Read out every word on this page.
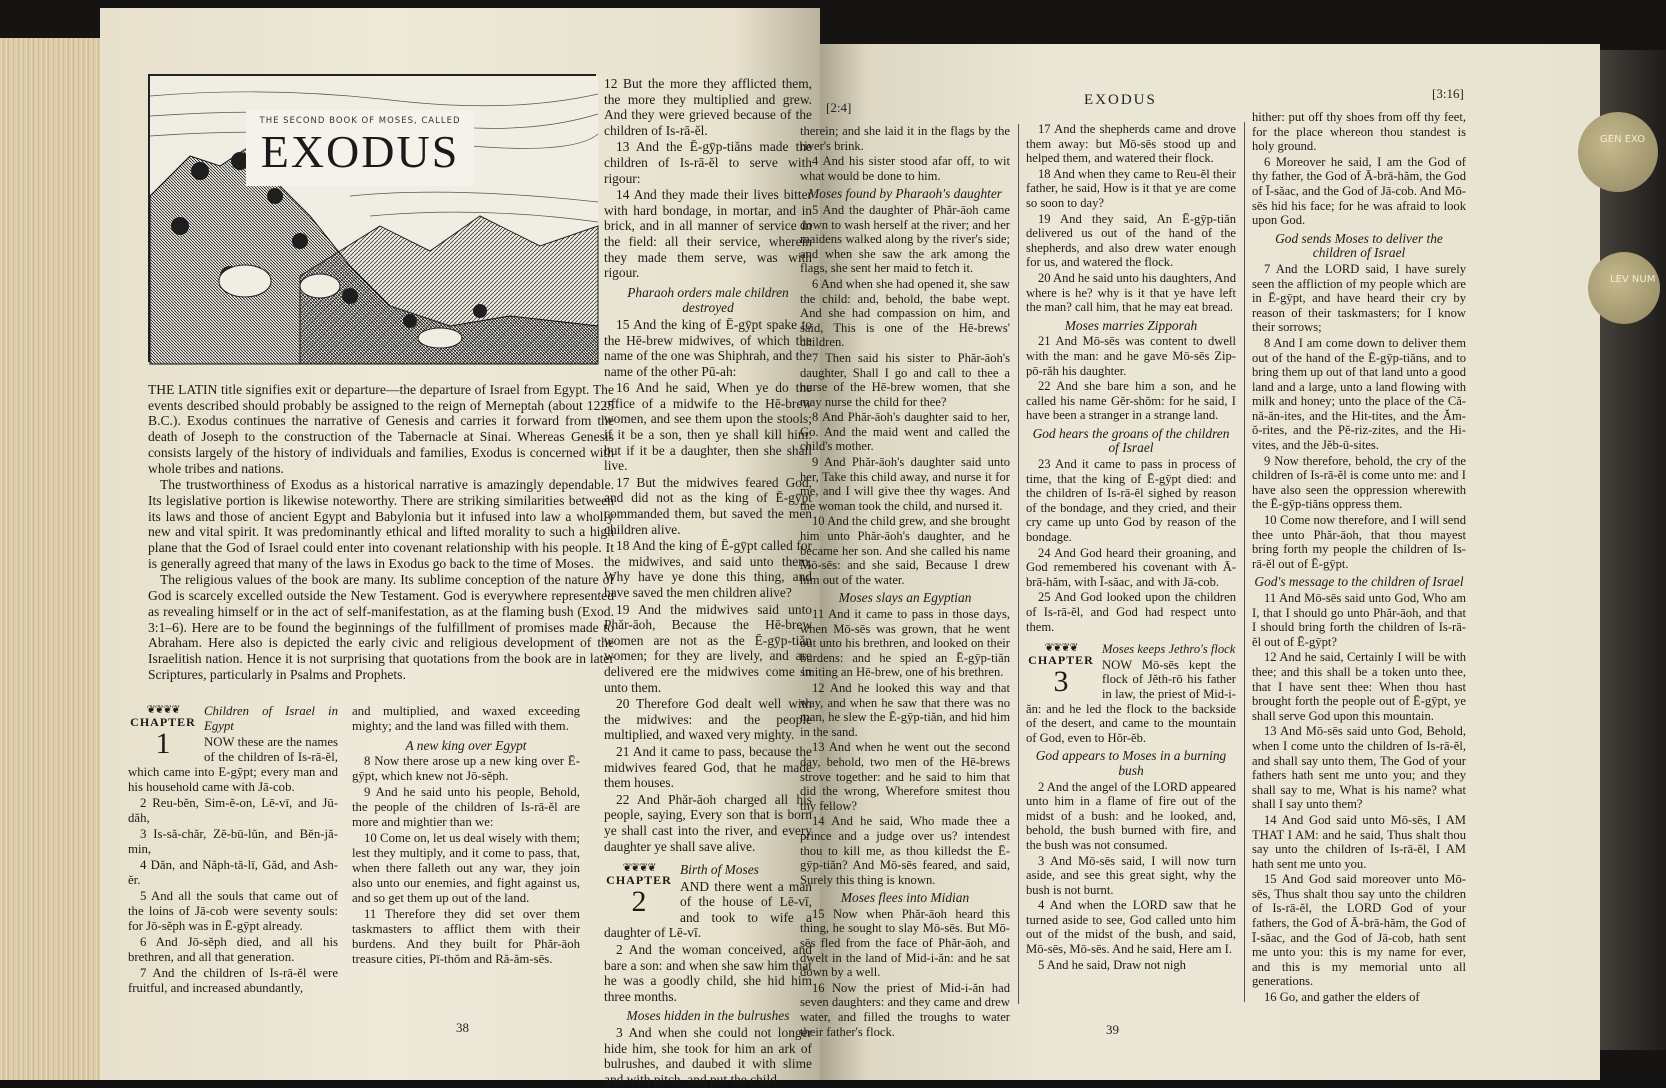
THE SECOND BOOK OF MOSES, CALLED
EXODUS

12 But the more they afflicted them, the more they multiplied and grew. And they were grieved because of the children of Is-rā-ĕl.

13 And the Ē-gȳp-tiăns made the children of Is-rā-ĕl to serve with rigour:

14 And they made their lives bitter with hard bondage, in mortar, and in brick, and in all manner of service in the field: all their service, wherein they made them serve, was with rigour.

Pharaoh orders male children destroyed

15 And the king of Ē-gȳpt spake to the Hē-brew midwives, of which the name of the one was Shiphrah, and the name of the other Pū-ah:

16 And he said, When ye do the office of a midwife to the Hē-brew women, and see them upon the stools; if it be a son, then ye shall kill him: but if it be a daughter, then she shall live.

17 But the midwives feared God, and did not as the king of Ē-gȳpt commanded them, but saved the men children alive.

18 And the king of Ē-gȳpt called for the midwives, and said unto them, Why have ye done this thing, and have saved the men children alive?

19 And the midwives said unto Phăr-āoh, Because the Hē-brew women are not as the Ē-gȳp-tiăn women; for they are lively, and are delivered ere the midwives come in unto them.

20 Therefore God dealt well with the midwives: and the people multiplied, and waxed very mighty.

21 And it came to pass, because the midwives feared God, that he made them houses.

22 And Phăr-āoh charged all his people, saying, Every son that is born ye shall cast into the river, and every daughter ye shall save alive.

❦❦❦❦
CHAPTER
2

Birth of Moses

AND there went a man of the house of Lē-vī, and took to wife a daughter of Lē-vī.

2 And the woman conceived, and bare a son: and when she saw him that he was a goodly child, she hid him three months.

Moses hidden in the bulrushes

3 And when she could not longer hide him, she took for him an ark of bulrushes, and daubed it with slime and with pitch, and put the child

THE LATIN title signifies exit or departure—the departure of Israel from Egypt. The events described should probably be assigned to the reign of Merneptah (about 1225 B.C.). Exodus continues the narrative of Genesis and carries it forward from the death of Joseph to the construction of the Tabernacle at Sinai. Whereas Genesis consists largely of the history of individuals and families, Exodus is concerned with whole tribes and nations.

The trustworthiness of Exodus as a historical narrative is amazingly dependable. Its legislative portion is likewise noteworthy. There are striking similarities between its laws and those of ancient Egypt and Babylonia but it infused into law a wholly new and vital spirit. It was predominantly ethical and lifted morality to such a high plane that the God of Israel could enter into covenant relationship with his people. It is generally agreed that many of the laws in Exodus go back to the time of Moses.

The religious values of the book are many. Its sublime conception of the nature of God is scarcely excelled outside the New Testament. God is everywhere represented as revealing himself or in the act of self-manifestation, as at the flaming bush (Exod. 3:1–6). Here are to be found the beginnings of the fulfillment of promises made to Abraham. Here also is depicted the early civic and religious development of the Israelitish nation. Hence it is not surprising that quotations from the book are in later Scriptures, particularly in Psalms and Prophets.

❦❦❦❦
CHAPTER
1

Children of Israel in Egypt

NOW these are the names of the children of Is-rā-ĕl, which came into E-gȳpt; every man and his household came with Jā-cob.

2 Reu-bĕn, Sim-ĕ-on, Lē-vī, and Jū-dăh,

3 Is-să-chăr, Zĕ-bū-lŭn, and Bĕn-jă-min,

4 Dăn, and Năph-tă-lī, Găd, and Ash-ĕr.

5 And all the souls that came out of the loins of Jā-cob were seventy souls: for Jō-sĕph was in Ē-gȳpt already.

6 And Jō-sĕph died, and all his brethren, and all that generation.

7 And the children of Is-rā-ĕl were fruitful, and increased abundantly,

and multiplied, and waxed exceeding mighty; and the land was filled with them.

A new king over Egypt

8 Now there arose up a new king over Ē-gȳpt, which knew not Jō-sĕph.

9 And he said unto his people, Behold, the people of the children of Is-rā-ĕl are more and mightier than we:

10 Come on, let us deal wisely with them; lest they multiply, and it come to pass, that, when there falleth out any war, they join also unto our enemies, and fight against us, and so get them up out of the land.

11 Therefore they did set over them taskmasters to afflict them with their burdens. And they built for Phăr-āoh treasure cities, Pī-thŏm and Ră-ăm-sēs.

38
[2:4]	EXODUS	[3:16]

therein; and she laid it in the flags by the river's brink.

4 And his sister stood afar off, to wit what would be done to him.

Moses found by Pharaoh's daughter

5 And the daughter of Phăr-āoh came down to wash herself at the river; and her maidens walked along by the river's side; and when she saw the ark among the flags, she sent her maid to fetch it.

6 And when she had opened it, she saw the child: and, behold, the babe wept. And she had compassion on him, and said, This is one of the Hē-brews' children.

7 Then said his sister to Phăr-āoh's daughter, Shall I go and call to thee a nurse of the Hē-brew women, that she may nurse the child for thee?

8 And Phăr-āoh's daughter said to her, Go. And the maid went and called the child's mother.

9 And Phăr-āoh's daughter said unto her, Take this child away, and nurse it for me, and I will give thee thy wages. And the woman took the child, and nursed it.

10 And the child grew, and she brought him unto Phăr-āoh's daughter, and he became her son. And she called his name Mō-sēs: and she said, Because I drew him out of the water.

Moses slays an Egyptian

11 And it came to pass in those days, when Mō-sēs was grown, that he went out unto his brethren, and looked on their burdens: and he spied an Ē-gȳp-tiăn smiting an Hē-brew, one of his brethren.

12 And he looked this way and that way, and when he saw that there was no man, he slew the Ē-gȳp-tiăn, and hid him in the sand.

13 And when he went out the second day, behold, two men of the Hē-brews strove together: and he said to him that did the wrong, Wherefore smitest thou thy fellow?

14 And he said, Who made thee a prince and a judge over us? intendest thou to kill me, as thou killedst the Ē-gȳp-tiăn? And Mō-sēs feared, and said, Surely this thing is known.

Moses flees into Midian

15 Now when Phăr-āoh heard this thing, he sought to slay Mō-sēs. But Mō-sēs fled from the face of Phăr-āoh, and dwelt in the land of Mid-i-ăn: and he sat down by a well.

16 Now the priest of Mid-i-ăn had seven daughters: and they came and drew water, and filled the troughs to water their father's flock.

17 And the shepherds came and drove them away: but Mō-sēs stood up and helped them, and watered their flock.

18 And when they came to Reu-ĕl their father, he said, How is it that ye are come so soon to day?

19 And they said, An Ē-gȳp-tiăn delivered us out of the hand of the shepherds, and also drew water enough for us, and watered the flock.

20 And he said unto his daughters, And where is he? why is it that ye have left the man? call him, that he may eat bread.

Moses marries Zipporah

21 And Mō-sēs was content to dwell with the man: and he gave Mō-sēs Zip-pō-răh his daughter.

22 And she bare him a son, and he called his name Gĕr-shŏm: for he said, I have been a stranger in a strange land.

God hears the groans of the children of Israel

23 And it came to pass in process of time, that the king of Ē-gȳpt died: and the children of Is-rā-ĕl sighed by reason of the bondage, and they cried, and their cry came up unto God by reason of the bondage.

24 And God heard their groaning, and God remembered his covenant with Ā-brā-hăm, with Ī-săac, and with Jā-cob.

25 And God looked upon the children of Is-rā-ĕl, and God had respect unto them.

❦❦❦❦
CHAPTER
3

Moses keeps Jethro's flock

NOW Mō-sēs kept the flock of Jĕth-rō his father in law, the priest of Mid-i-ăn: and he led the flock to the backside of the desert, and came to the mountain of God, even to Hŏr-ĕb.

God appears to Moses in a burning bush

2 And the angel of the LORD appeared unto him in a flame of fire out of the midst of a bush: and he looked, and, behold, the bush burned with fire, and the bush was not consumed.

3 And Mō-sēs said, I will now turn aside, and see this great sight, why the bush is not burnt.

4 And when the LORD saw that he turned aside to see, God called unto him out of the midst of the bush, and said, Mō-sēs, Mō-sēs. And he said, Here am I.

5 And he said, Draw not nigh

hither: put off thy shoes from off thy feet, for the place whereon thou standest is holy ground.

6 Moreover he said, I am the God of thy father, the God of Ā-brā-hăm, the God of Ī-săac, and the God of Jā-cob. And Mō-sēs hid his face; for he was afraid to look upon God.

God sends Moses to deliver the children of Israel

7 And the LORD said, I have surely seen the affliction of my people which are in Ē-gȳpt, and have heard their cry by reason of their taskmasters; for I know their sorrows;

8 And I am come down to deliver them out of the hand of the Ē-gȳp-tiăns, and to bring them up out of that land unto a good land and a large, unto a land flowing with milk and honey; unto the place of the Că-nă-ăn-ites, and the Hit-tites, and the Ăm-ŏ-rites, and the Pĕ-riz-zites, and the Hi-vites, and the Jĕb-ū-sites.

9 Now therefore, behold, the cry of the children of Is-rā-ĕl is come unto me: and I have also seen the oppression wherewith the Ē-gȳp-tiăns oppress them.

10 Come now therefore, and I will send thee unto Phăr-āoh, that thou mayest bring forth my people the children of Is-rā-ĕl out of Ē-gȳpt.

God's message to the children of Israel

11 And Mō-sēs said unto God, Who am I, that I should go unto Phăr-āoh, and that I should bring forth the children of Is-rā-ĕl out of Ē-gȳpt?

12 And he said, Certainly I will be with thee; and this shall be a token unto thee, that I have sent thee: When thou hast brought forth the people out of Ē-gȳpt, ye shall serve God upon this mountain.

13 And Mō-sēs said unto God, Behold, when I come unto the children of Is-rā-ĕl, and shall say unto them, The God of your fathers hath sent me unto you; and they shall say to me, What is his name? what shall I say unto them?

14 And God said unto Mō-sēs, I AM THAT I AM: and he said, Thus shalt thou say unto the children of Is-rā-ĕl, I AM hath sent me unto you.

15 And God said moreover unto Mō-sēs, Thus shalt thou say unto the children of Is-rā-ĕl, the LORD God of your fathers, the God of Ā-brā-hăm, the God of Ī-săac, and the God of Jā-cob, hath sent me unto you: this is my name for ever, and this is my memorial unto all generations.

16 Go, and gather the elders of

39
GEN EXO
LEV NUM
